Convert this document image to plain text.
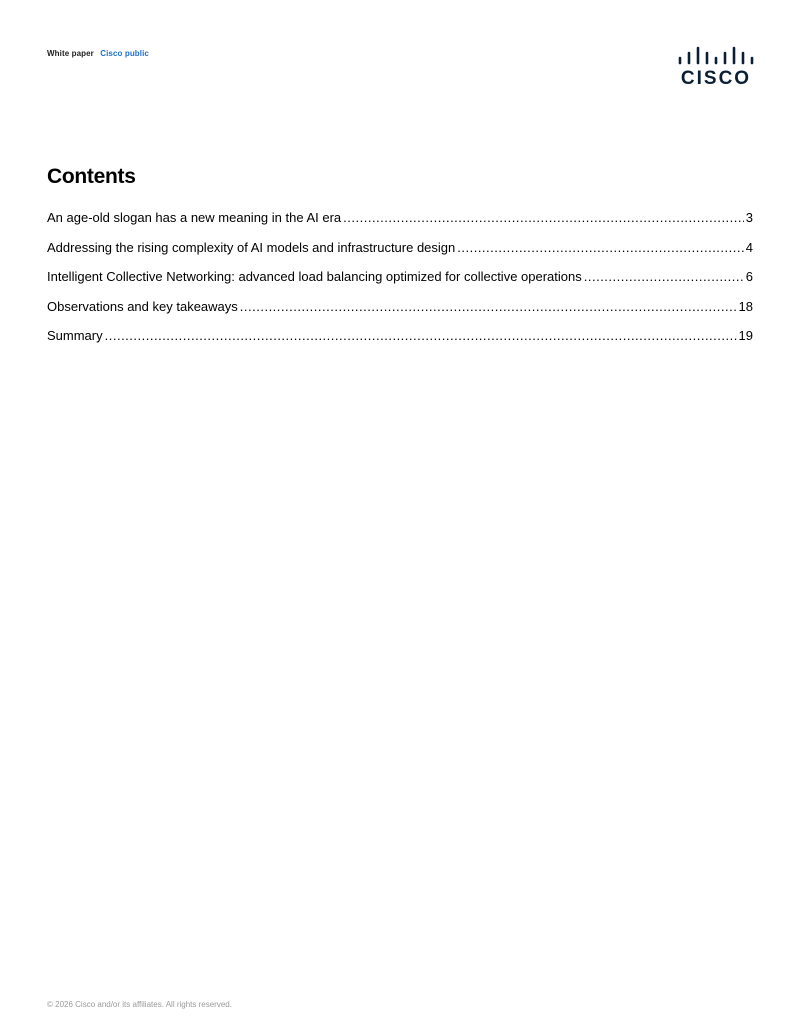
White paper Cisco public
CISCO
Contents
An age-old slogan has a new meaning in the AI era .....	3
Addressing the rising complexity of AI models and infrastructure design .....	4
Intelligent Collective Networking: advanced load balancing optimized for collective operations .....	6
Observations and key takeaways .....	18
Summary .....	19
© 2026 Cisco and/or its affiliates. All rights reserved.
